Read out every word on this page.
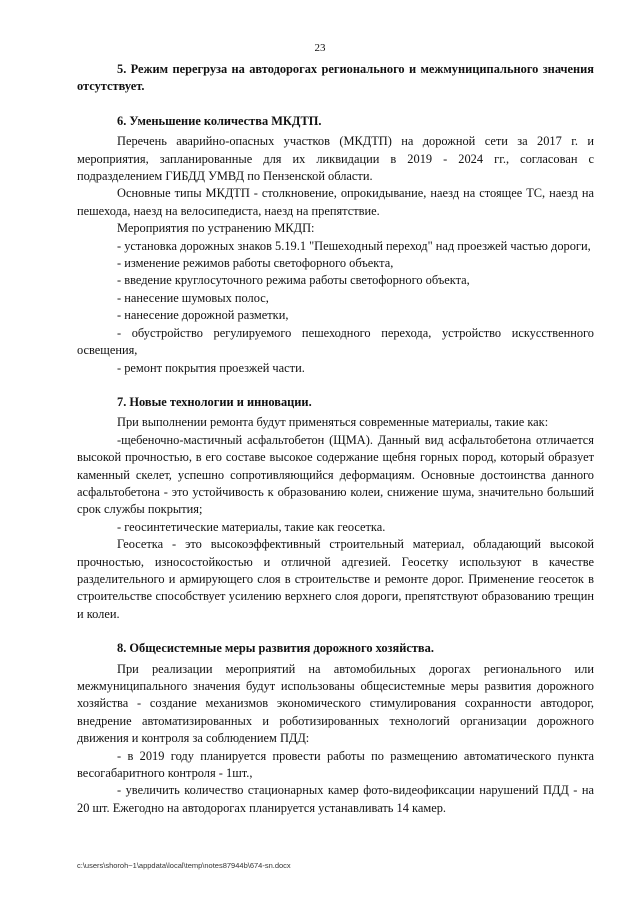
23

5. Режим перегруза на автодорогах регионального и межмуниципального значения отсутствует.

6. Уменьшение количества МКДТП.

Перечень аварийно-опасных участков (МКДТП) на дорожной сети за 2017 г. и мероприятия, запланированные для их ликвидации в 2019 - 2024 гг., согласован с подразделением ГИБДД УМВД по Пензенской области.

Основные типы МКДТП - столкновение, опрокидывание, наезд на стоящее ТС, наезд на пешехода, наезд на велосипедиста, наезд на препятствие.

Мероприятия по устранению МКДП:

- установка дорожных знаков 5.19.1 "Пешеходный переход" над проезжей частью дороги,

- изменение режимов работы светофорного объекта,

- введение круглосуточного режима работы светофорного объекта,

- нанесение шумовых полос,

- нанесение дорожной разметки,

- обустройство регулируемого пешеходного перехода, устройство искусственного освещения,

- ремонт покрытия проезжей части.

7. Новые технологии и инновации.

При выполнении ремонта будут применяться современные материалы, такие как:

-щебеночно-мастичный асфальтобетон (ЩМА). Данный вид асфальтобетона отличается высокой прочностью, в его составе высокое содержание щебня горных пород, который образует каменный скелет, успешно сопротивляющийся деформациям. Основные достоинства данного асфальтобетона - это устойчивость к образованию колеи, снижение шума, значительно больший срок службы покрытия;

- геосинтетические материалы, такие как геосетка.

Геосетка - это высокоэффективный строительный материал, обладающий высокой прочностью, износостойкостью и отличной адгезией. Геосетку используют в качестве разделительного и армирующего слоя в строительстве и ремонте дорог. Применение геосеток в строительстве способствует усилению верхнего слоя дороги, препятствуют образованию трещин и колеи.

8. Общесистемные меры развития дорожного хозяйства.

При реализации мероприятий на автомобильных дорогах регионального или межмуниципального значения будут использованы общесистемные меры развития дорожного хозяйства - создание механизмов экономического стимулирования сохранности автодорог, внедрение автоматизированных и роботизированных технологий организации дорожного движения и контроля за соблюдением ПДД:

- в 2019 году планируется провести работы по размещению автоматического пункта весогабаритного контроля - 1шт.,

- увеличить количество стационарных камер фото-видеофиксации нарушений ПДД - на 20 шт. Ежегодно на автодорогах планируется устанавливать 14 камер.

c:\users\shoroh~1\appdata\local\temp\notes87944b\674-sn.docx
